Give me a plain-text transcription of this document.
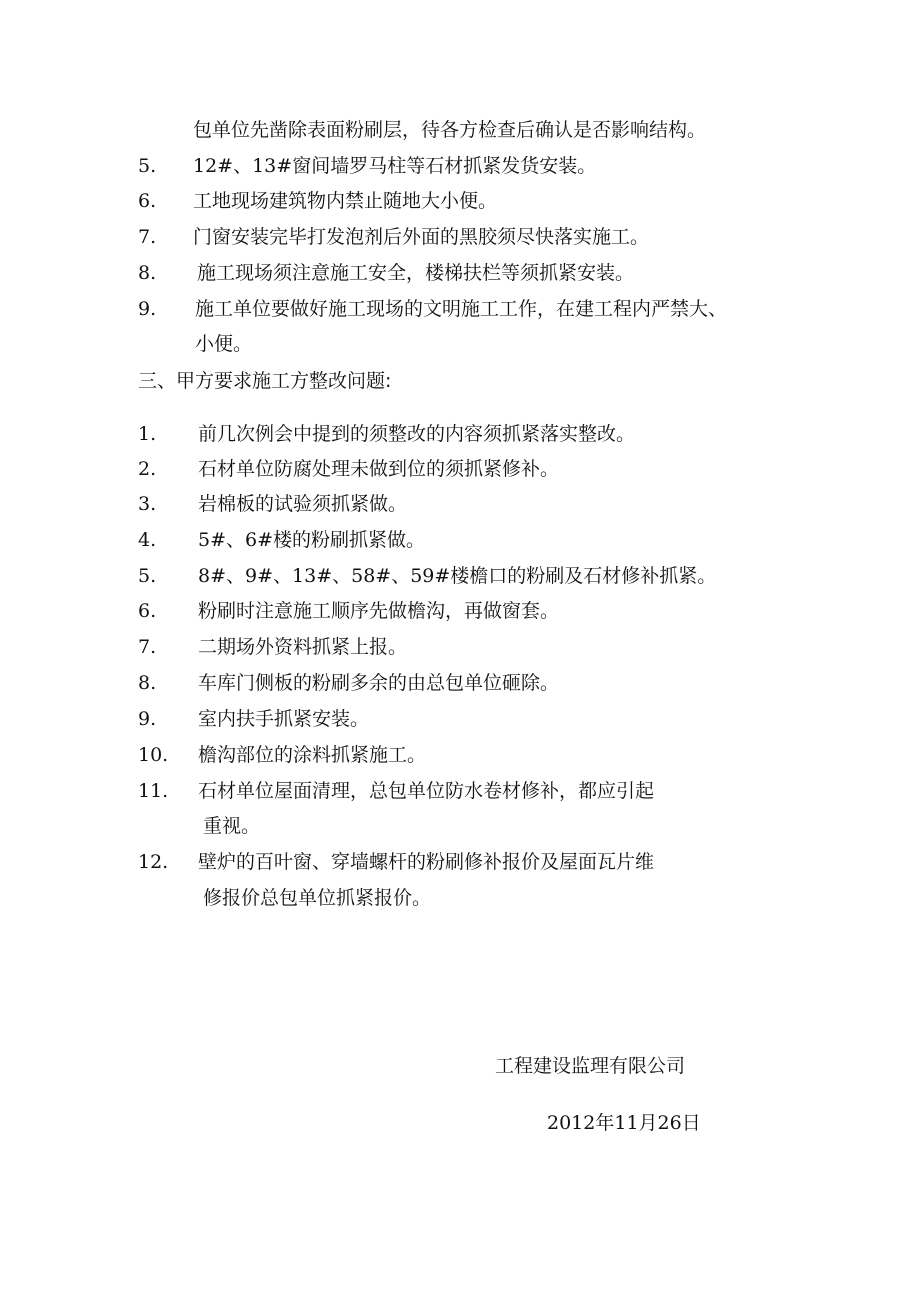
包单位先凿除表面粉刷层，待各方检查后确认是否影响结构。
5. 12#、13#窗间墙罗马柱等石材抓紧发货安装。
6. 工地现场建筑物内禁止随地大小便。
7. 门窗安装完毕打发泡剂后外面的黑胶须尽快落实施工。
8. 施工现场须注意施工安全，楼梯扶栏等须抓紧安装。
9. 施工单位要做好施工现场的文明施工工作，在建工程内严禁大、
小便。
三、甲方要求施工方整改问题:
1. 前几次例会中提到的须整改的内容须抓紧落实整改。
2. 石材单位防腐处理未做到位的须抓紧修补。
3. 岩棉板的试验须抓紧做。
4. 5#、6#楼的粉刷抓紧做。
5. 8#、9#、13#、58#、59#楼檐口的粉刷及石材修补抓紧。
6. 粉刷时注意施工顺序先做檐沟，再做窗套。
7. 二期场外资料抓紧上报。
8. 车库门侧板的粉刷多余的由总包单位砸除。
9. 室内扶手抓紧安装。
10. 檐沟部位的涂料抓紧施工。
11. 石材单位屋面清理，总包单位防水卷材修补，都应引起
重视。
12. 壁炉的百叶窗、穿墙螺杆的粉刷修补报价及屋面瓦片维
修报价总包单位抓紧报价。
工程建设监理有限公司
2012年11月26日
